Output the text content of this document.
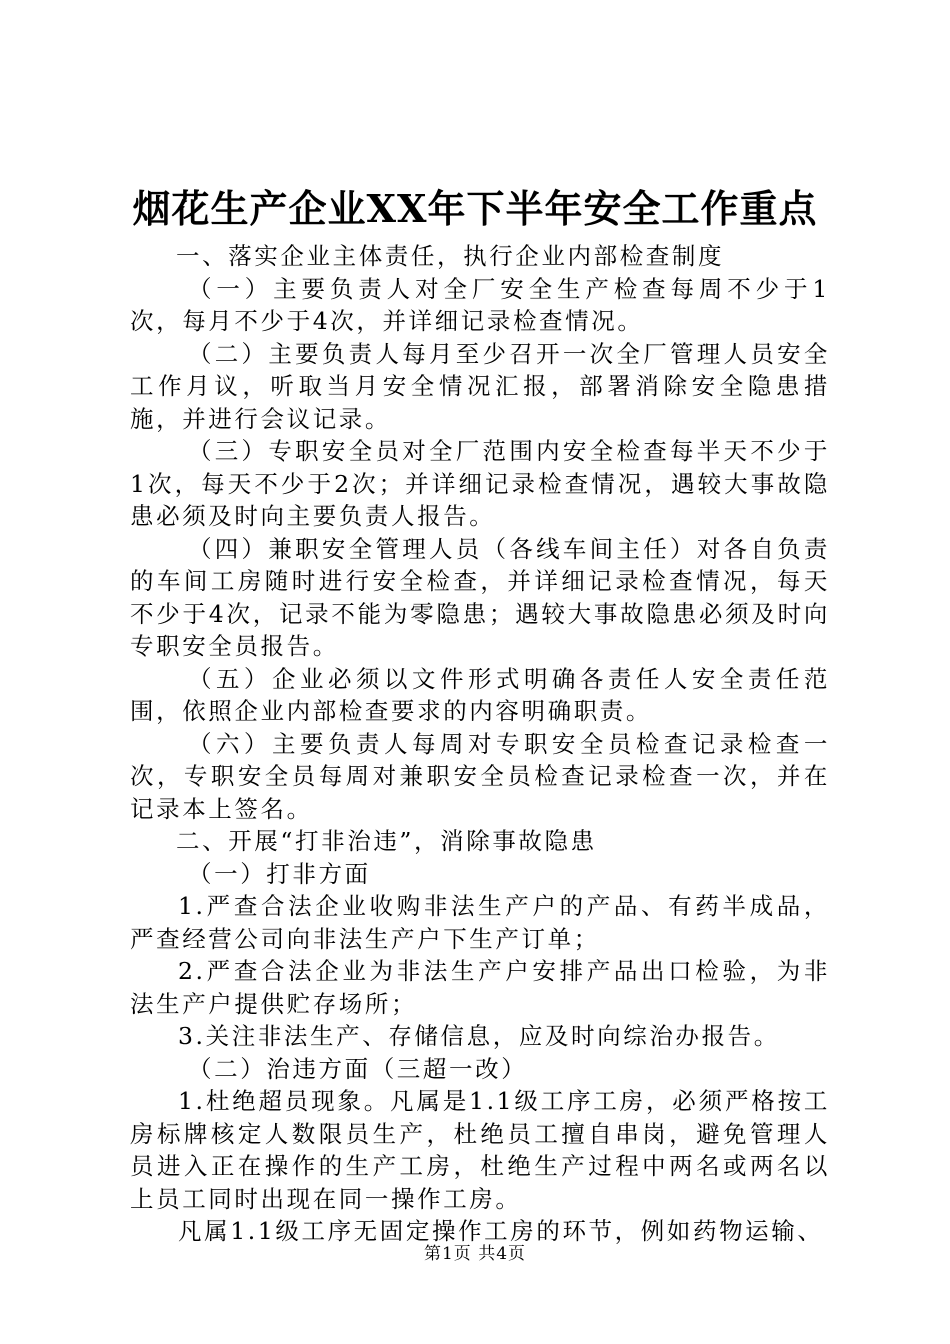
烟花生产企业XX年下半年安全工作重点

一、落实企业主体责任，执行企业内部检查制度

（一）主要负责人对全厂安全生产检查每周不少于1次，每月不少于4次，并详细记录检查情况。

（二）主要负责人每月至少召开一次全厂管理人员安全工作月议，听取当月安全情况汇报，部署消除安全隐患措施，并进行会议记录。

（三）专职安全员对全厂范围内安全检查每半天不少于1次，每天不少于2次；并详细记录检查情况，遇较大事故隐患必须及时向主要负责人报告。

（四）兼职安全管理人员（各线车间主任）对各自负责的车间工房随时进行安全检查，并详细记录检查情况，每天不少于4次，记录不能为零隐患；遇较大事故隐患必须及时向专职安全员报告。

（五）企业必须以文件形式明确各责任人安全责任范围，依照企业内部检查要求的内容明确职责。

（六）主要负责人每周对专职安全员检查记录检查一次，专职安全员每周对兼职安全员检查记录检查一次，并在记录本上签名。

二、开展“打非治违”，消除事故隐患

（一）打非方面

1.严查合法企业收购非法生产户的产品、有药半成品，严查经营公司向非法生产户下生产订单；

2.严查合法企业为非法生产户安排产品出口检验，为非法生产户提供贮存场所；

3.关注非法生产、存储信息，应及时向综治办报告。

（二）治违方面（三超一改）

1.杜绝超员现象。凡属是1.1级工序工房，必须严格按工房标牌核定人数限员生产，杜绝员工擅自串岗，避免管理人员进入正在操作的生产工房，杜绝生产过程中两名或两名以上员工同时出现在同一操作工房。

凡属1.1级工序无固定操作工房的环节，例如药物运输、

第1页 共4页
